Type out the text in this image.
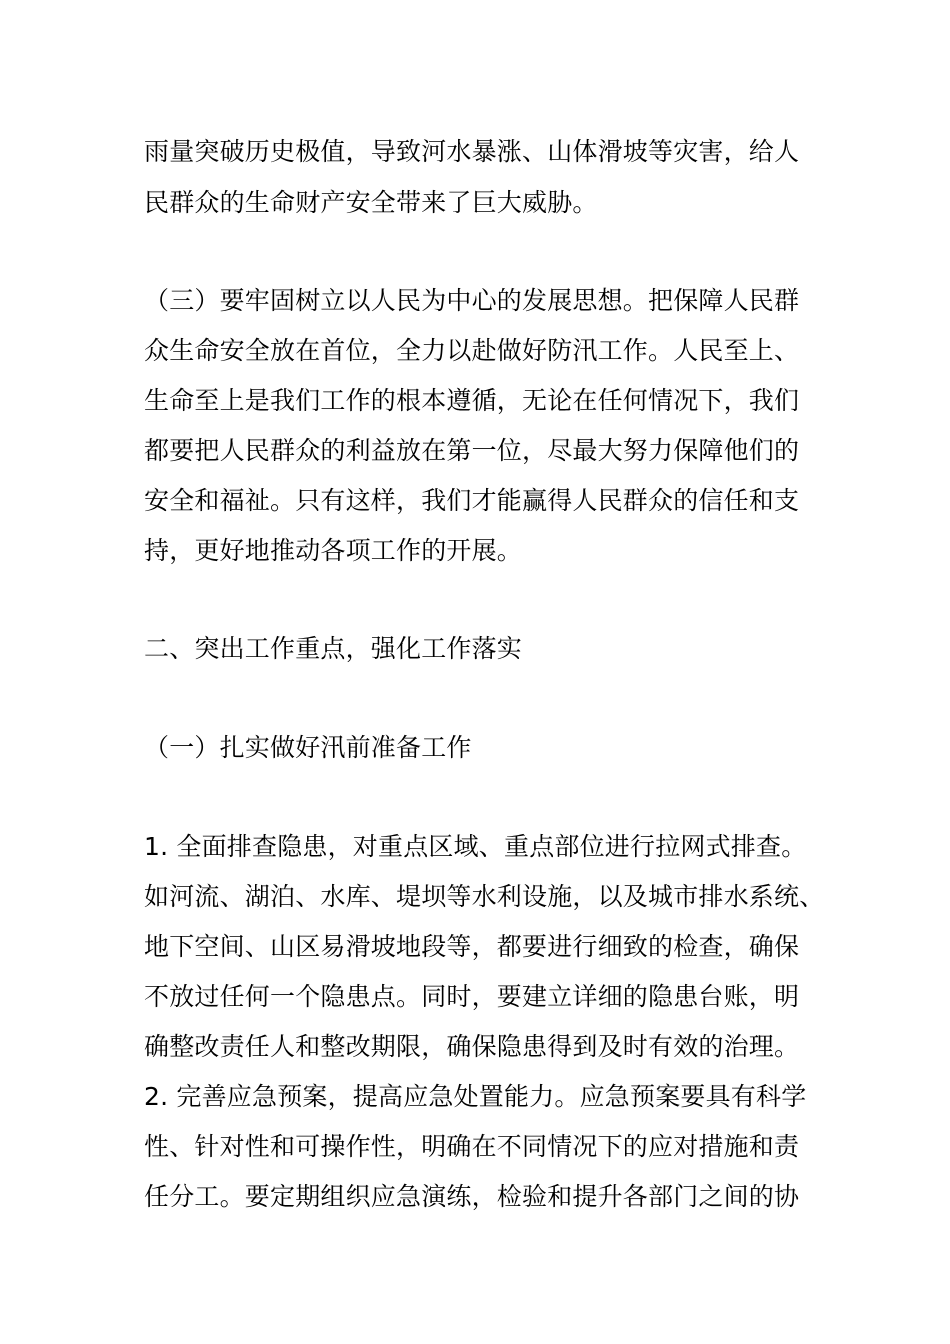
雨量突破历史极值，导致河水暴涨、山体滑坡等灾害，给人
民群众的生命财产安全带来了巨大威胁。
（三）要牢固树立以人民为中心的发展思想。把保障人民群
众生命安全放在首位，全力以赴做好防汛工作。人民至上、
生命至上是我们工作的根本遵循，无论在任何情况下，我们
都要把人民群众的利益放在第一位，尽最大努力保障他们的
安全和福祉。只有这样，我们才能赢得人民群众的信任和支
持，更好地推动各项工作的开展。
二、突出工作重点，强化工作落实
（一）扎实做好汛前准备工作
1. 全面排查隐患，对重点区域、重点部位进行拉网式排查。
如河流、湖泊、水库、堤坝等水利设施，以及城市排水系统、
地下空间、山区易滑坡地段等，都要进行细致的检查，确保
不放过任何一个隐患点。同时，要建立详细的隐患台账，明
确整改责任人和整改期限，确保隐患得到及时有效的治理。
2. 完善应急预案，提高应急处置能力。应急预案要具有科学
性、针对性和可操作性，明确在不同情况下的应对措施和责
任分工。要定期组织应急演练，检验和提升各部门之间的协
